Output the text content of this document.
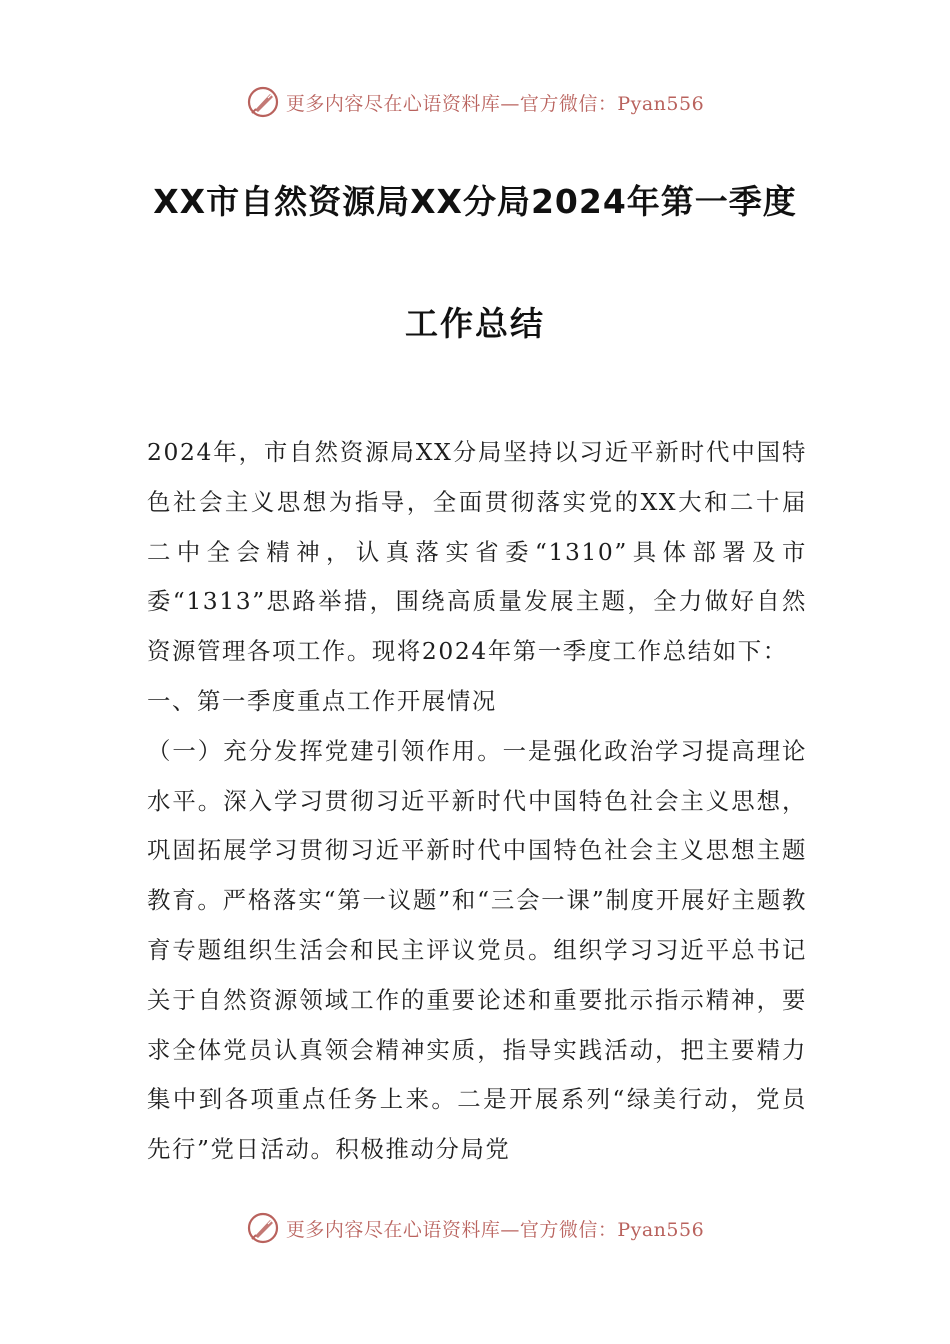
更多内容尽在心语资料库—官方微信：Pyan556
XX市自然资源局XX分局2024年第一季度
工作总结

2024年，市自然资源局XX分局坚持以习近平新时代中国特色社会主义思想为指导，全面贯彻落实党的XX大和二十届二中全会精神，认真落实省委“1310”具体部署及市委“1313”思路举措，围绕高质量发展主题，全力做好自然资源管理各项工作。现将2024年第一季度工作总结如下：

一、第一季度重点工作开展情况

（一）充分发挥党建引领作用。一是强化政治学习提高理论水平。深入学习贯彻习近平新时代中国特色社会主义思想，巩固拓展学习贯彻习近平新时代中国特色社会主义思想主题教育。严格落实“第一议题”和“三会一课”制度开展好主题教育专题组织生活会和民主评议党员。组织学习习近平总书记关于自然资源领域工作的重要论述和重要批示指示精神，要求全体党员认真领会精神实质，指导实践活动，把主要精力集中到各项重点任务上来。二是开展系列“绿美行动，党员先行”党日活动。积极推动分局党

更多内容尽在心语资料库—官方微信：Pyan556
